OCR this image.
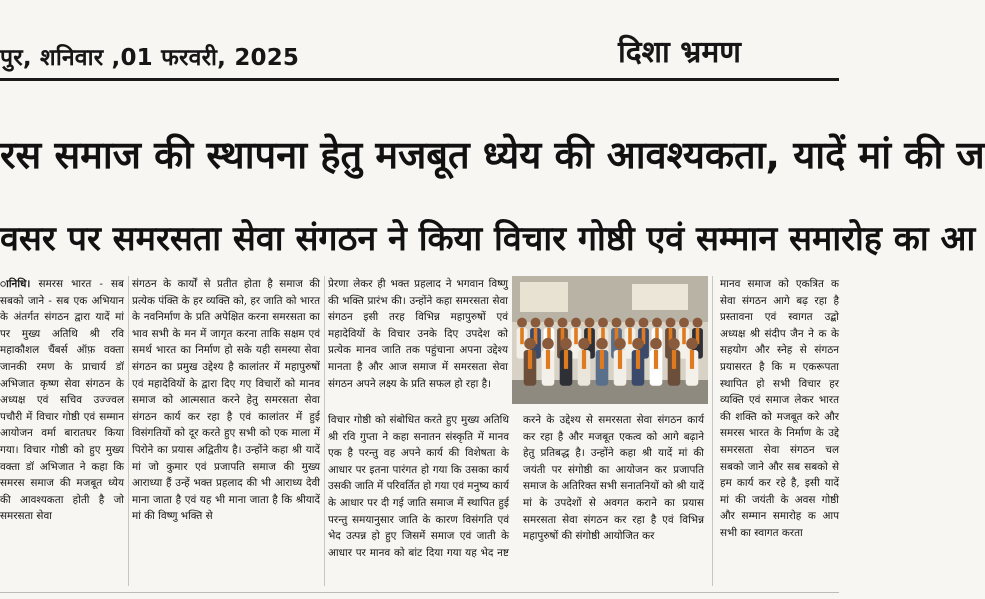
पुर, शनिवार ,01 फरवरी, 2025	दिशा भ्रमण
रस समाज की स्थापना हेतु मजबूत ध्येय की आवश्यकता, यादें मां की ज
वसर पर समरसता सेवा संगठन ने किया विचार गोष्ठी एवं सम्मान समारोह का आ

ानिधि। समरस भारत - सब सबको जाने - सब एक अभियान के अंतर्गत संगठन द्वारा यादें मां पर मुख्य अतिथि श्री रवि महाकौशल चैंबर्स ऑफ़ वक्ता जानकी रमण के प्राचार्य डॉ अभिजात कृष्ण सेवा संगठन के अध्यक्ष एवं सचिव उज्ज्वल पचौरी में विचार गोष्ठी एवं सम्मान आयोजन वर्मा बारातघर किया गया। विचार गोष्ठी को हुए मुख्य वक्ता डॉ अभिजात ने कहा कि समरस समाज की मजबूत ध्येय की आवश्यकता होती है जो समरसता सेवा

संगठन के कार्यों से प्रतीत होता है समाज की प्रत्येक पंक्ति के हर व्यक्ति को, हर जाति को भारत के नवनिर्माण के प्रति अपेक्षित करना समरसता का भाव सभी के मन में जागृत करना ताकि सक्षम एवं समर्थ भारत का निर्माण हो सके यही समस्या सेवा संगठन का प्रमुख उद्देश्य है कालांतर में महापुरुषों एवं महादेवियों के द्वारा दिए गए विचारों को मानव समाज को आत्मसात करने हेतु समरसता सेवा संगठन कार्य कर रहा है एवं कालांतर में हुई विसंगतियों को दूर करते हुए सभी को एक माला में पिरोने का प्रयास अद्वितीय है। उन्होंने कहा श्री यादें मां जो कुमार एवं प्रजापति समाज की मुख्य आराध्या हैं उन्हें भक्त प्रहलाद की भी आराध्य देवी माना जाता है एवं यह भी माना जाता है कि श्रीयादें मां की विष्णु भक्ति से

प्रेरणा लेकर ही भक्त प्रहलाद ने भगवान विष्णु की भक्ति प्रारंभ की। उन्होंने कहा समरसता सेवा संगठन इसी तरह विभिन्न महापुरुषों एवं महादेवियों के विचार उनके दिए उपदेश को प्रत्येक मानव जाति तक पहुंचाना अपना उद्देश्य मानता है और आज समाज में समरसता सेवा संगठन अपने लक्ष्य के प्रति सफल हो रहा है।

विचार गोष्ठी को संबोधित करते हुए मुख्य अतिथि श्री रवि गुप्ता ने कहा सनातन संस्कृति में मानव एक है परन्तु वह अपने कार्य की विशेषता के आधार पर इतना पारंगत हो गया कि उसका कार्य उसकी जाति में परिवर्तित हो गया एवं मनुष्य कार्य के आधार पर दी गई जाति समाज में स्थापित हुई परन्तु समयानुसार जाति के कारण विसंगति एवं भेद उत्पन्न हो हुए जिसमें समाज एवं जाती के आधार पर मानव को बांट दिया गया यह भेद नष्ट करने के उद्देश्य से समरसता सेवा संगठन कार्य कर रहा है और मजबूत एकत्व को आगे बढ़ाने हेतु प्रतिबद्ध है। उन्होंने कहा श्री यादें मां की जयंती पर संगोष्ठी का आयोजन कर प्रजापति समाज के अतिरिक्त सभी सनातनियों को श्री यादें मां के उपदेशों से अवगत कराने का प्रयास समरसता सेवा संगठन कर रहा है एवं विभिन्न महापुरुषों की संगोष्ठी आयोजित कर

मानव समाज को एकत्रित क सेवा संगठन आगे बढ़ रहा है प्रस्तावना एवं स्वागत उद्बो अध्यक्ष श्री संदीप जैन ने क के सहयोग और स्नेह से संगठन प्रयासरत है कि म एकरूपता स्थापित हो सभी विचार हर व्यक्ति एवं समाज लेकर भारत की शक्ति को मजबूत करे और समरस भारत के निर्माण के उद्दे समरसता सेवा संगठन चल सबको जाने और सब सबको से हम कार्य कर रहे है, इसी यादें मां की जयंती के अवस गोष्ठी और सम्मान समारोह क आप सभी का स्वागत करता
